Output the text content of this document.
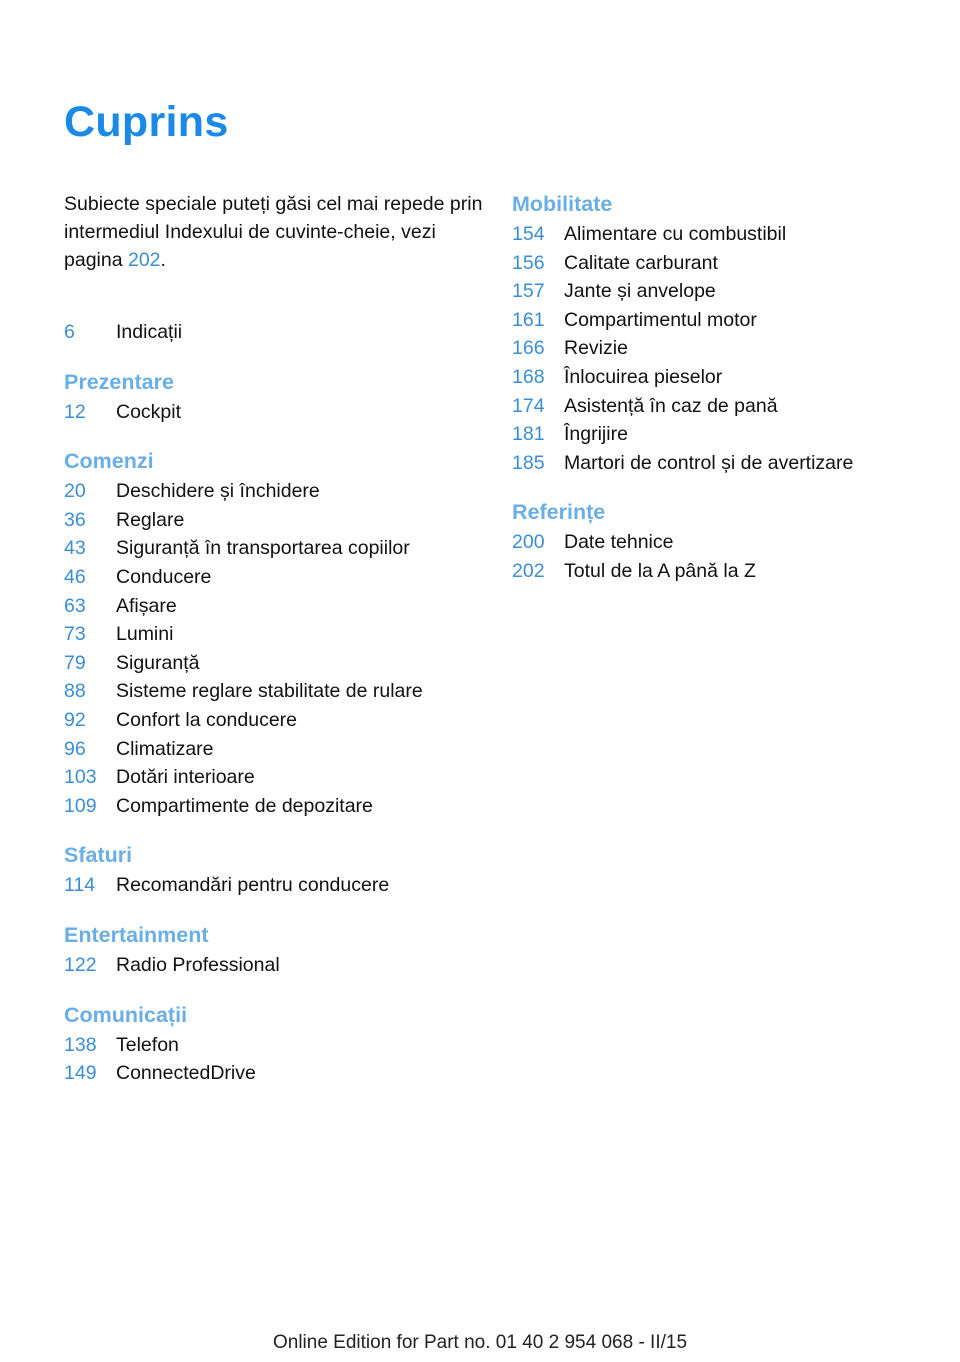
Cuprins
Subiecte speciale puteți găsi cel mai repede prin intermediul Indexului de cuvinte-cheie, vezi pagina 202.
6	Indicații
Prezentare
12	Cockpit
Comenzi
20	Deschidere și închidere
36	Reglare
43	Siguranță în transportarea copiilor
46	Conducere
63	Afișare
73	Lumini
79	Siguranță
88	Sisteme reglare stabilitate de rulare
92	Confort la conducere
96	Climatizare
103 Dotări interioare
109 Compartimente de depozitare
Sfaturi
114	Recomandări pentru conducere
Entertainment
122 Radio Professional
Comunicații
138 Telefon
149 ConnectedDrive
Mobilitate
154 Alimentare cu combustibil
156 Calitate carburant
157 Jante și anvelope
161 Compartimentul motor
166 Revizie
168 Înlocuirea pieselor
174 Asistență în caz de pană
181 Îngrijire
185 Martori de control și de avertizare
Referințe
200 Date tehnice
202 Totul de la A până la Z
Online Edition for Part no. 01 40 2 954 068 - II/15
